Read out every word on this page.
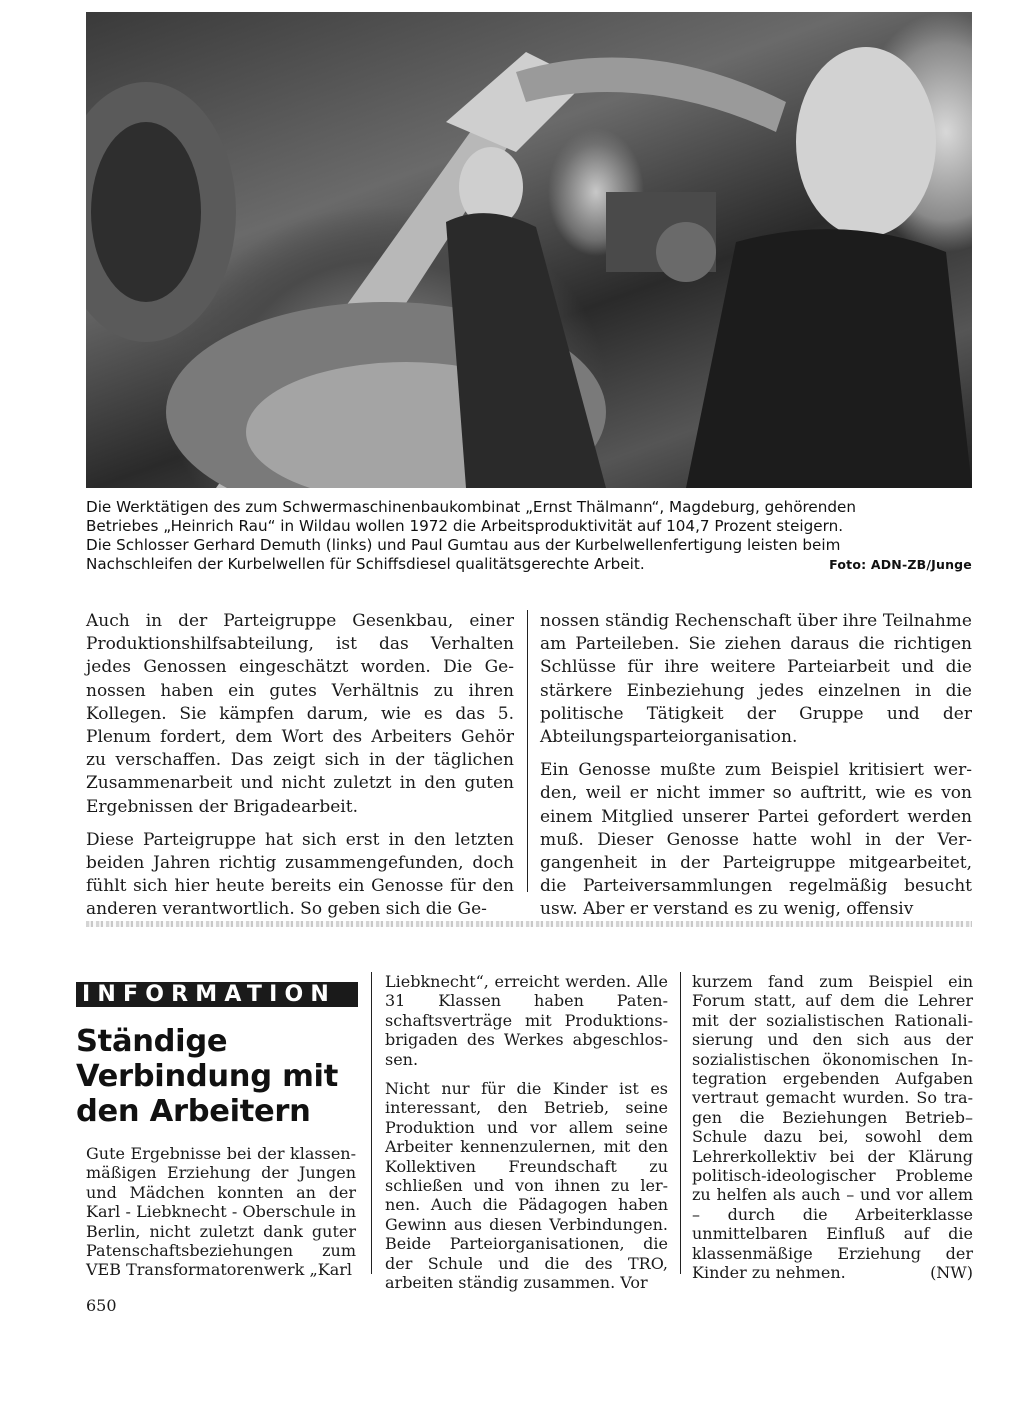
Die Werktätigen des zum Schwermaschinenbaukombinat „Ernst Thälmann“, Magdeburg, gehörenden
Betriebes „Heinrich Rau“ in Wildau wollen 1972 die Arbeitsproduktivität auf 104,7 Prozent steigern.
Die Schlosser Gerhard Demuth (links) und Paul Gumtau aus der Kurbelwellenfertigung leisten beim
Nachschleifen der Kurbelwellen für Schiffsdiesel qualitätsgerechte Arbeit.	Foto: ADN-ZB/Junge

Auch in der Parteigruppe Gesenkbau, einer Produktionshilfsabteilung, ist das Verhalten jedes Genossen eingeschätzt worden. Die Genossen haben ein gutes Verhältnis zu ihren Kollegen. Sie kämpfen darum, wie es das 5. Plenum fordert, dem Wort des Arbeiters Gehör zu verschaffen. Das zeigt sich in der täglichen Zusammenarbeit und nicht zuletzt in den guten Ergebnissen der Brigadearbeit.

Diese Parteigruppe hat sich erst in den letzten beiden Jahren richtig zusammengefunden, doch fühlt sich hier heute bereits ein Genosse für den anderen verantwortlich. So geben sich die Ge-

nossen ständig Rechenschaft über ihre Teilnahme am Parteileben. Sie ziehen daraus die richtigen Schlüsse für ihre weitere Parteiarbeit und die stärkere Einbeziehung jedes einzelnen in die politische Tätigkeit der Gruppe und der Abteilungsparteiorganisation.

Ein Genosse mußte zum Beispiel kritisiert werden, weil er nicht immer so auftritt, wie es von einem Mitglied unserer Partei gefordert werden muß. Dieser Genosse hatte wohl in der Vergangenheit in der Parteigruppe mitgearbeitet, die Parteiversammlungen regelmäßig besucht usw. Aber er verstand es zu wenig, offensiv

INFORMATION
Ständige
Verbindung mit
den Arbeitern

Gute Ergebnisse bei der klassenmäßigen Erziehung der Jungen und Mädchen konnten an der Karl - Liebknecht - Oberschule in Berlin, nicht zuletzt dank guter Patenschaftsbeziehungen zum VEB Transformatorenwerk „Karl

Liebknecht“, erreicht werden. Alle 31 Klassen haben Patenschaftsverträge mit Produktionsbrigaden des Werkes abgeschlossen.

Nicht nur für die Kinder ist es interessant, den Betrieb, seine Produktion und vor allem seine Arbeiter kennenzulernen, mit den Kollektiven Freundschaft zu schließen und von ihnen zu lernen. Auch die Pädagogen haben Gewinn aus diesen Verbindungen. Beide Parteiorganisationen, die der Schule und die des TRO, arbeiten ständig zusammen. Vor

kurzem fand zum Beispiel ein Forum statt, auf dem die Lehrer mit der sozialistischen Rationalisierung und den sich aus der sozialistischen ökonomischen Integration ergebenden Aufgaben vertraut gemacht wurden. So tragen die Beziehungen Betrieb–Schule dazu bei, sowohl dem Lehrerkollektiv bei der Klärung politisch-ideologischer Probleme zu helfen als auch – und vor allem – durch die Arbeiterklasse unmittelbaren Einfluß auf die klassenmäßige Erziehung der Kinder zu nehmen.	(NW)

650
